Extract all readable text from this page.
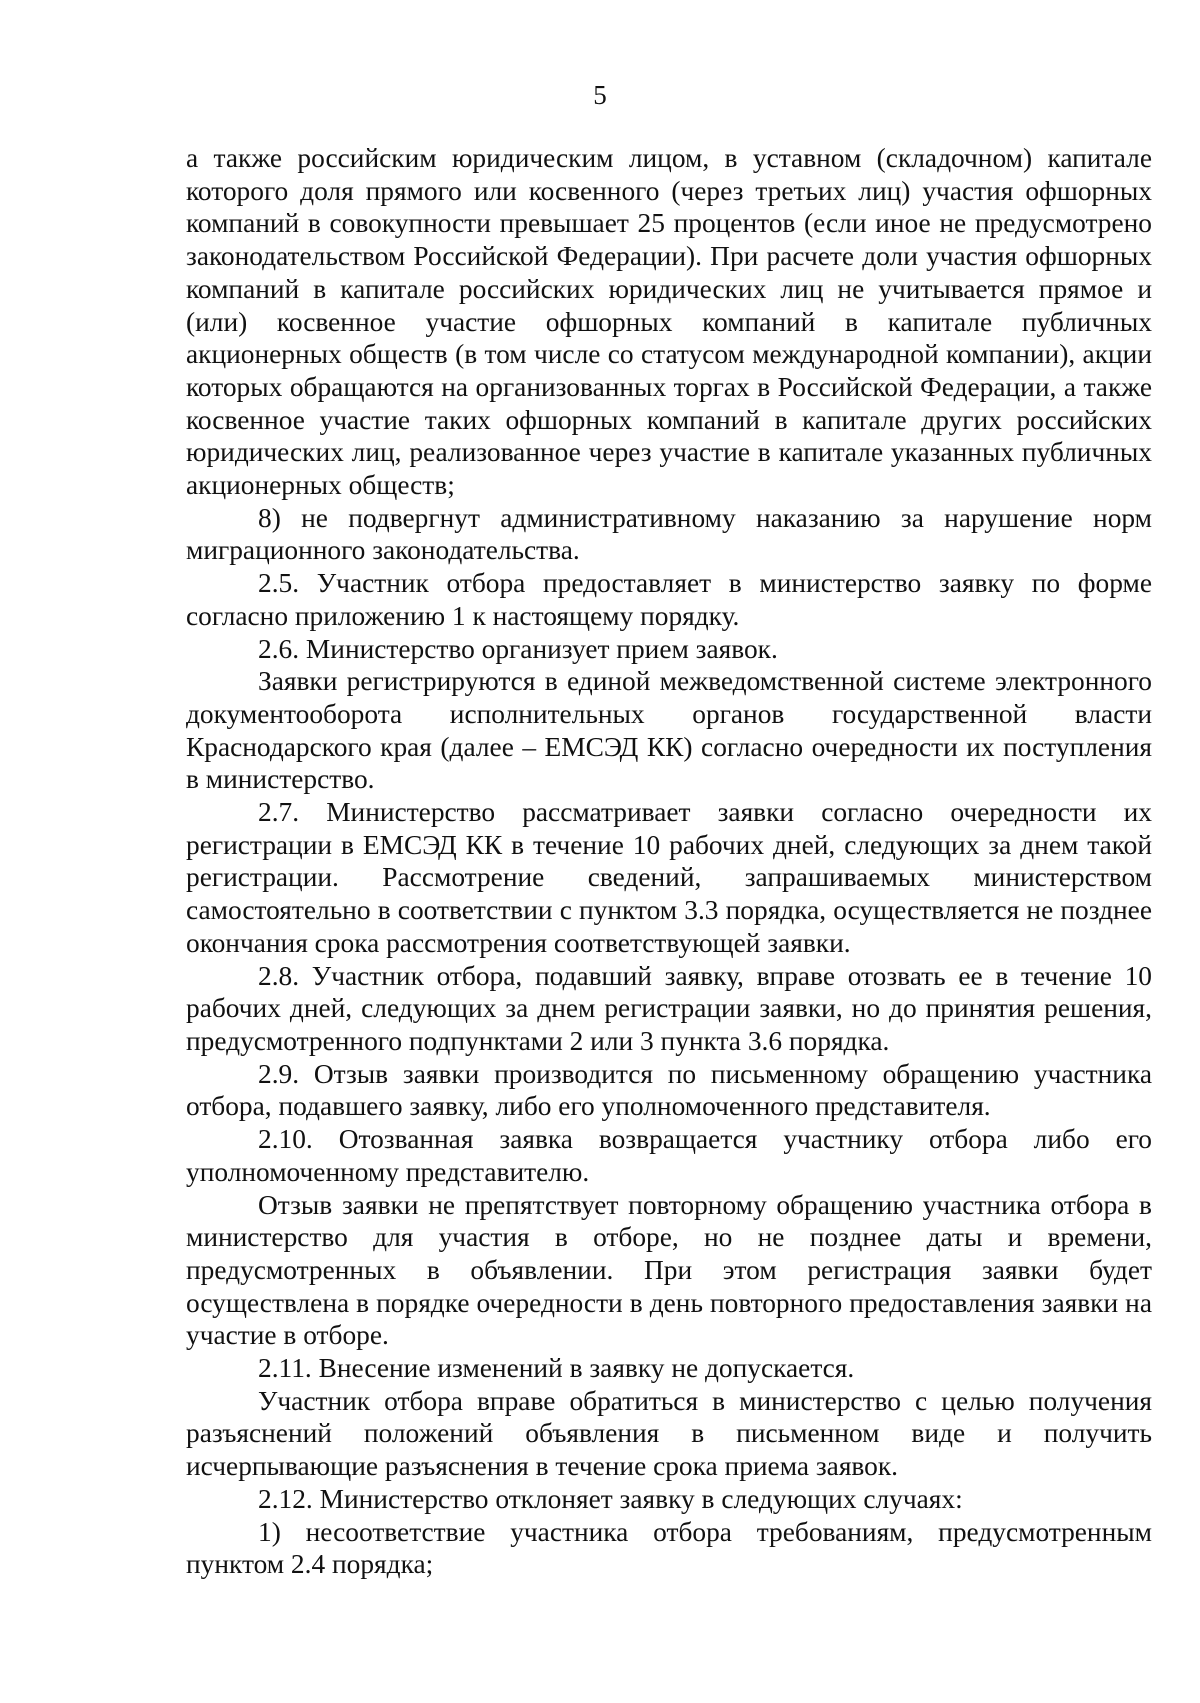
5

а также российским юридическим лицом, в уставном (складочном) капитале которого доля прямого или косвенного (через третьих лиц) участия офшорных компаний в совокупности превышает 25 процентов (если иное не предусмотрено законодательством Российской Федерации). При расчете доли участия офшорных компаний в капитале российских юридических лиц не учитывается прямое и (или) косвенное участие офшорных компаний в капитале публичных акционерных обществ (в том числе со статусом международной компании), акции которых обращаются на организованных торгах в Российской Федерации, а также косвенное участие таких офшорных компаний в капитале других российских юридических лиц, реализованное через участие в капитале указанных публичных акционерных обществ;

8) не подвергнут административному наказанию за нарушение норм миграционного законодательства.

2.5. Участник отбора предоставляет в министерство заявку по форме согласно приложению 1 к настоящему порядку.

2.6. Министерство организует прием заявок.

Заявки регистрируются в единой межведомственной системе электронного документооборота исполнительных органов государственной власти Краснодарского края (далее – ЕМСЭД КК) согласно очередности их поступления в министерство.

2.7. Министерство рассматривает заявки согласно очередности их регистрации в ЕМСЭД КК в течение 10 рабочих дней, следующих за днем такой регистрации. Рассмотрение сведений, запрашиваемых министерством самостоятельно в соответствии с пунктом 3.3 порядка, осуществляется не позднее окончания срока рассмотрения соответствующей заявки.

2.8. Участник отбора, подавший заявку, вправе отозвать ее в течение 10 рабочих дней, следующих за днем регистрации заявки, но до принятия решения, предусмотренного подпунктами 2 или 3 пункта 3.6 порядка.

2.9. Отзыв заявки производится по письменному обращению участника отбора, подавшего заявку, либо его уполномоченного представителя.

2.10. Отозванная заявка возвращается участнику отбора либо его уполномоченному представителю.

Отзыв заявки не препятствует повторному обращению участника отбора в министерство для участия в отборе, но не позднее даты и времени, предусмотренных в объявлении. При этом регистрация заявки будет осуществлена в порядке очередности в день повторного предоставления заявки на участие в отборе.

2.11. Внесение изменений в заявку не допускается.

Участник отбора вправе обратиться в министерство с целью получения разъяснений положений объявления в письменном виде и получить исчерпывающие разъяснения в течение срока приема заявок.

2.12. Министерство отклоняет заявку в следующих случаях:

1) несоответствие участника отбора требованиям, предусмотренным пунктом 2.4 порядка;
